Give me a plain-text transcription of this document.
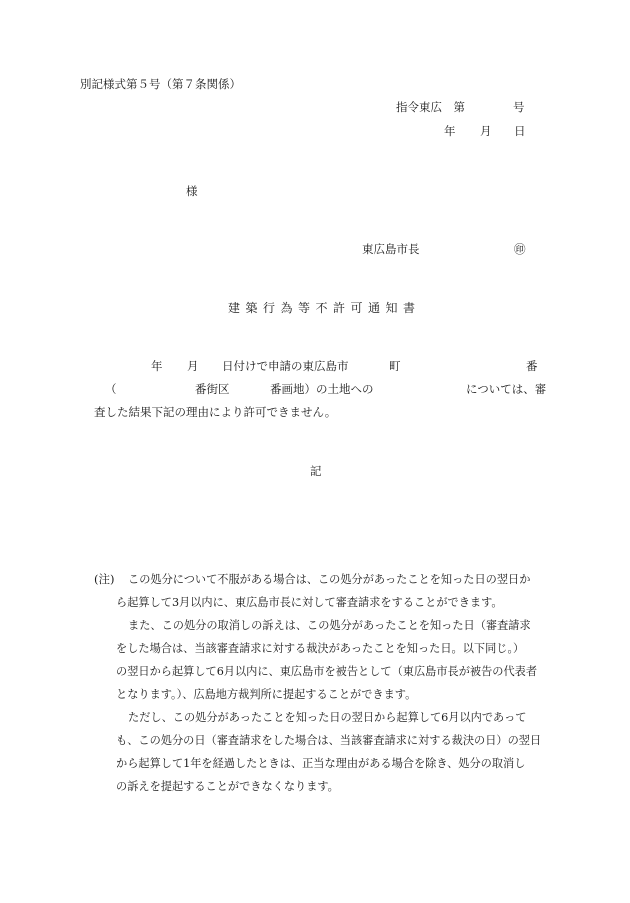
別記様式第５号（第７条関係）
指令東広　第	号
年 月 日
様
東広島市長	㊞
建築行為等不許可通知書
年 月 日付けで申請の東広島市	町	番
（	番街区	番画地）の土地への	については、審
査した結果下記の理由により許可できません。
記
(注) この処分について不服がある場合は、この処分があったことを知った日の翌日か
ら起算して3月以内に、東広島市長に対して審査請求をすることができます。
また、この処分の取消しの訴えは、この処分があったことを知った日（審査請求
をした場合は、当該審査請求に対する裁決があったことを知った日。以下同じ。）
の翌日から起算して6月以内に、東広島市を被告として（東広島市長が被告の代表者
となります。）、広島地方裁判所に提起することができます。
ただし、この処分があったことを知った日の翌日から起算して6月以内であって
も、この処分の日（審査請求をした場合は、当該審査請求に対する裁決の日）の翌日
から起算して1年を経過したときは、正当な理由がある場合を除き、処分の取消し
の訴えを提起することができなくなります。
